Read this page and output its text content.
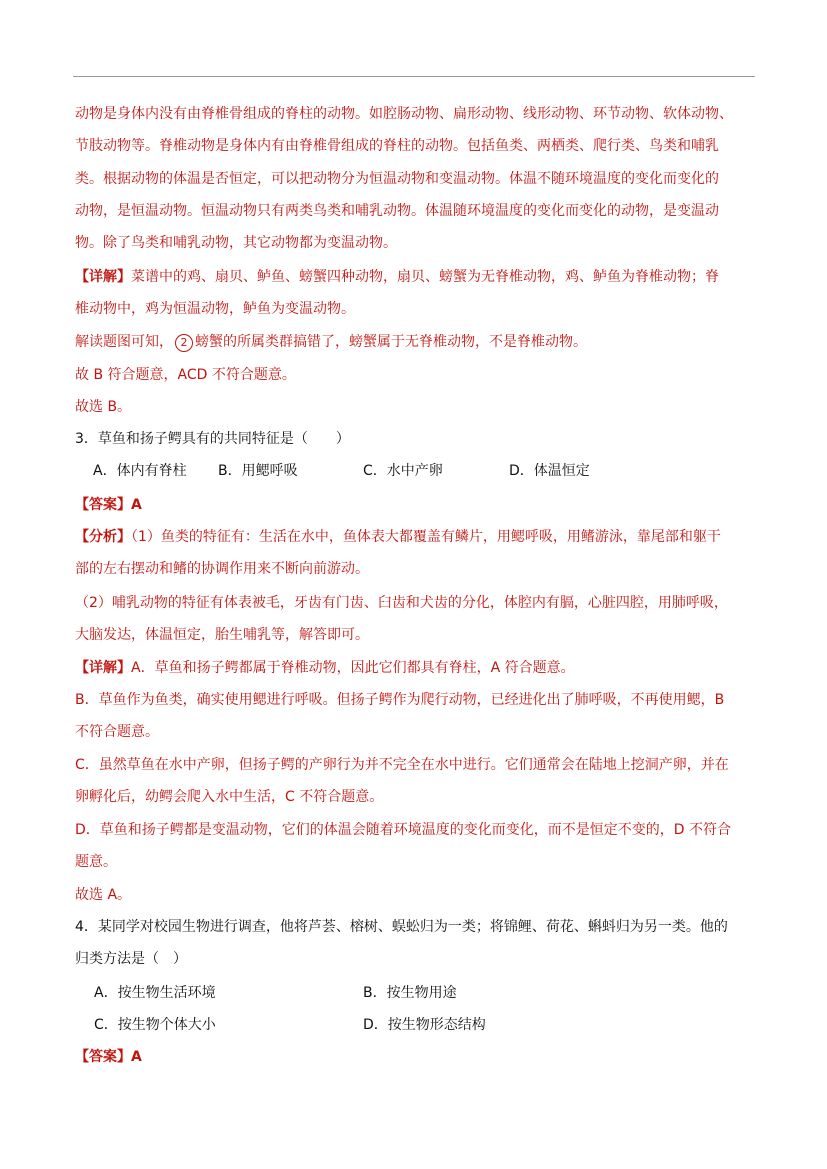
动物是身体内没有由脊椎骨组成的脊柱的动物。如腔肠动物、扁形动物、线形动物、环节动物、软体动物、
节肢动物等。脊椎动物是身体内有由脊椎骨组成的脊柱的动物。包括鱼类、两栖类、爬行类、鸟类和哺乳
类。根据动物的体温是否恒定，可以把动物分为恒温动物和变温动物。体温不随环境温度的变化而变化的
动物，是恒温动物。恒温动物只有两类鸟类和哺乳动物。体温随环境温度的变化而变化的动物，是变温动
物。除了鸟类和哺乳动物，其它动物都为变温动物。
【详解】菜谱中的鸡、扇贝、鲈鱼、螃蟹四种动物，扇贝、螃蟹为无脊椎动物，鸡、鲈鱼为脊椎动物；脊
椎动物中，鸡为恒温动物，鲈鱼为变温动物。
解读题图可知， 2 螃蟹的所属类群搞错了，螃蟹属于无脊椎动物，不是脊椎动物。
故 B 符合题意，ACD 不符合题意。
故选 B。
3．草鱼和扬子鳄具有的共同特征是（　　）
A．体内有脊柱 B．用鳃呼吸	C．水中产卵	D．体温恒定
【答案】A
【分析】（1）鱼类的特征有：生活在水中，鱼体表大都覆盖有鳞片，用鳃呼吸，用鳍游泳，靠尾部和躯干
部的左右摆动和鳍的协调作用来不断向前游动。
（2）哺乳动物的特征有体表被毛，牙齿有门齿、臼齿和犬齿的分化，体腔内有膈，心脏四腔，用肺呼吸，
大脑发达，体温恒定，胎生哺乳等，解答即可。
【详解】A．草鱼和扬子鳄都属于脊椎动物，因此它们都具有脊柱，A 符合题意。
B．草鱼作为鱼类，确实使用鳃进行呼吸。但扬子鳄作为爬行动物，已经进化出了肺呼吸，不再使用鳃，B
不符合题意。
C．虽然草鱼在水中产卵，但扬子鳄的产卵行为并不完全在水中进行。它们通常会在陆地上挖洞产卵，并在
卵孵化后，幼鳄会爬入水中生活，C 不符合题意。
D．草鱼和扬子鳄都是变温动物，它们的体温会随着环境温度的变化而变化，而不是恒定不变的，D 不符合
题意。
故选 A。
4．某同学对校园生物进行调查，他将芦荟、榕树、蜈蚣归为一类；将锦鲤、荷花、蝌蚪归为另一类。他的
归类方法是（　）
A．按生物生活环境	B．按生物用途
C．按生物个体大小	D．按生物形态结构
【答案】A
